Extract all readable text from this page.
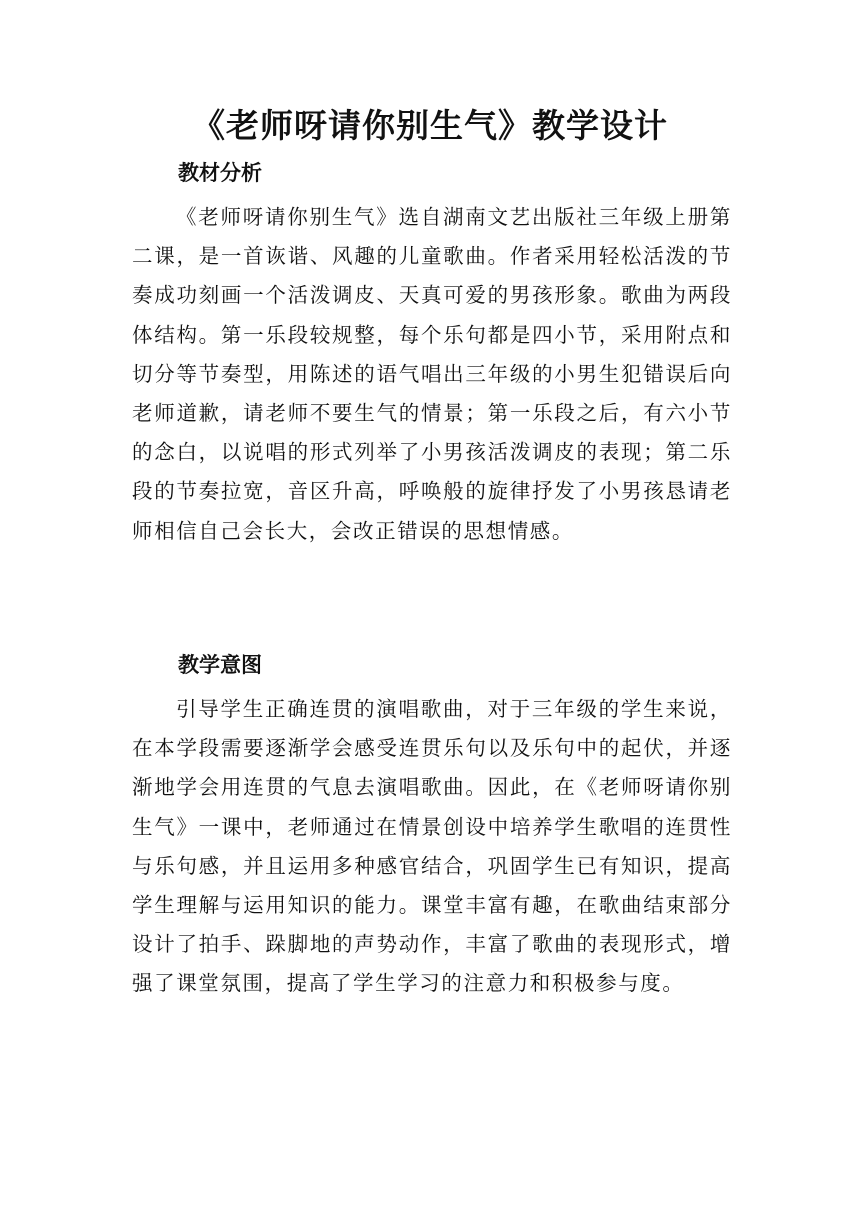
《老师呀请你别生气》教学设计
教材分析
《老师呀请你别生气》选自湖南文艺出版社三年级上册第二课，是一首诙谐、风趣的儿童歌曲。作者采用轻松活泼的节奏成功刻画一个活泼调皮、天真可爱的男孩形象。歌曲为两段体结构。第一乐段较规整，每个乐句都是四小节，采用附点和切分等节奏型，用陈述的语气唱出三年级的小男生犯错误后向老师道歉，请老师不要生气的情景；第一乐段之后，有六小节的念白，以说唱的形式列举了小男孩活泼调皮的表现；第二乐段的节奏拉宽，音区升高，呼唤般的旋律抒发了小男孩恳请老师相信自己会长大，会改正错误的思想情感。
教学意图
引导学生正确连贯的演唱歌曲，对于三年级的学生来说，在本学段需要逐渐学会感受连贯乐句以及乐句中的起伏，并逐渐地学会用连贯的气息去演唱歌曲。因此，在《老师呀请你别生气》一课中，老师通过在情景创设中培养学生歌唱的连贯性与乐句感，并且运用多种感官结合，巩固学生已有知识，提高学生理解与运用知识的能力。课堂丰富有趣，在歌曲结束部分设计了拍手、跺脚地的声势动作，丰富了歌曲的表现形式，增强了课堂氛围，提高了学生学习的注意力和积极参与度。
